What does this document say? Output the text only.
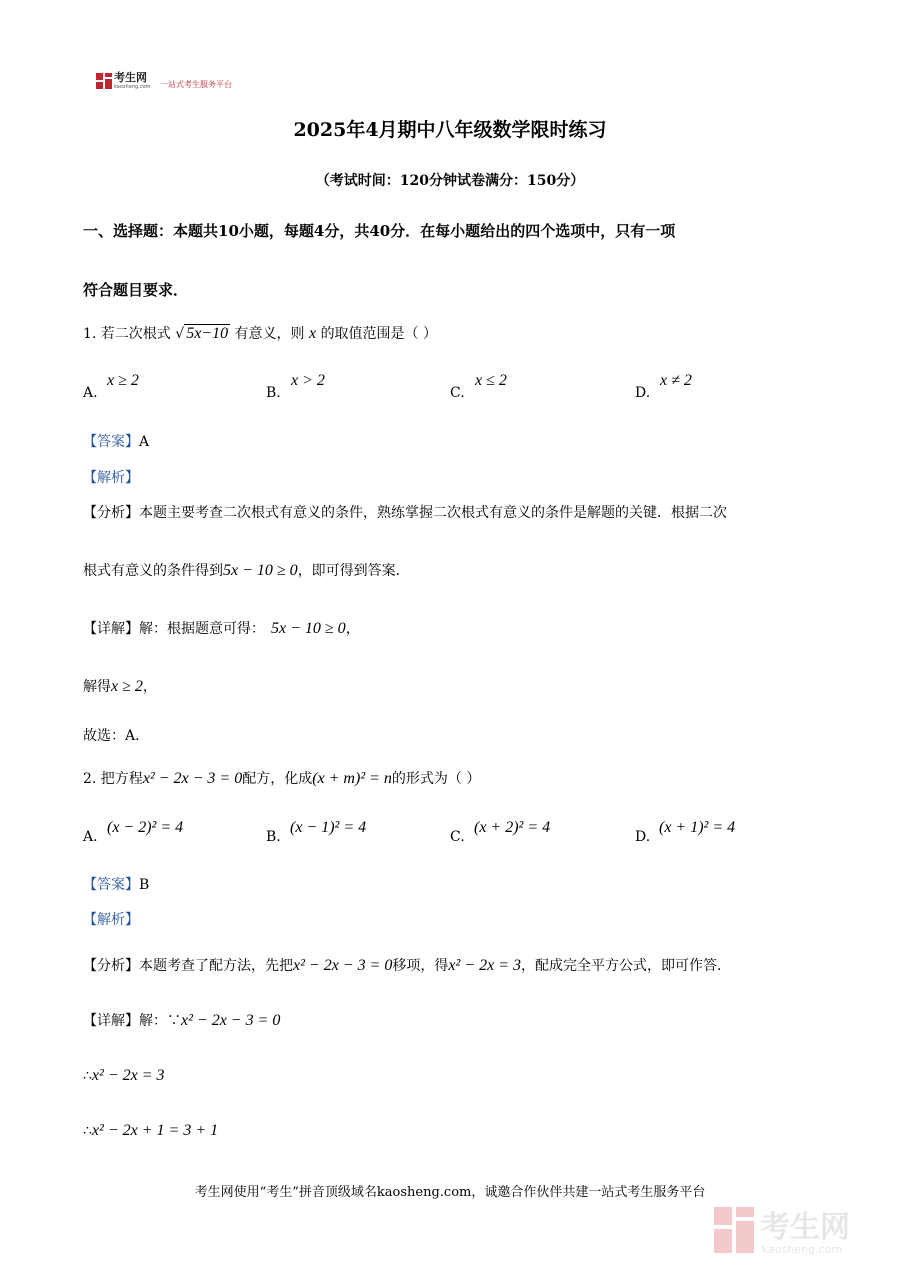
考生网
kaosheng.com 一站式考生服务平台
2025年4月期中八年级数学限时练习
（考试时间：120分钟试卷满分：150分）
一、选择题：本题共10小题，每题4分，共40分．在每小题给出的四个选项中，只有一项
符合题目要求．
1. 若二次根式 √ 5x−10 有意义，则 x 的取值范围是（ ）
A.
x ≥ 2
B.
x > 2
C.
x ≤ 2
D.
x ≠ 2
【答案】A
【解析】
【分析】本题主要考查二次根式有意义的条件，熟练掌握二次根式有意义的条件是解题的关键．根据二次
根式有意义的条件得到5x − 10 ≥ 0，即可得到答案．
【详解】解：根据题意可得： 5x − 10 ≥ 0，
解得x ≥ 2，
故选：A．
2. 把方程x² − 2x − 3 = 0配方，化成(x + m)² = n的形式为（ ）
A.
(x − 2)² = 4
B.
(x − 1)² = 4
C.
(x + 2)² = 4
D.
(x + 1)² = 4
【答案】B
【解析】
【分析】本题考查了配方法，先把x² − 2x − 3 = 0移项，得x² − 2x = 3，配成完全平方公式，即可作答．
【详解】解：∵x² − 2x − 3 = 0
∴x² − 2x = 3
∴x² − 2x + 1 = 3 + 1
考生网使用“考生”拼音顶级域名kaosheng.com，诚邀合作伙伴共建一站式考生服务平台
考生网
kaosheng.com
